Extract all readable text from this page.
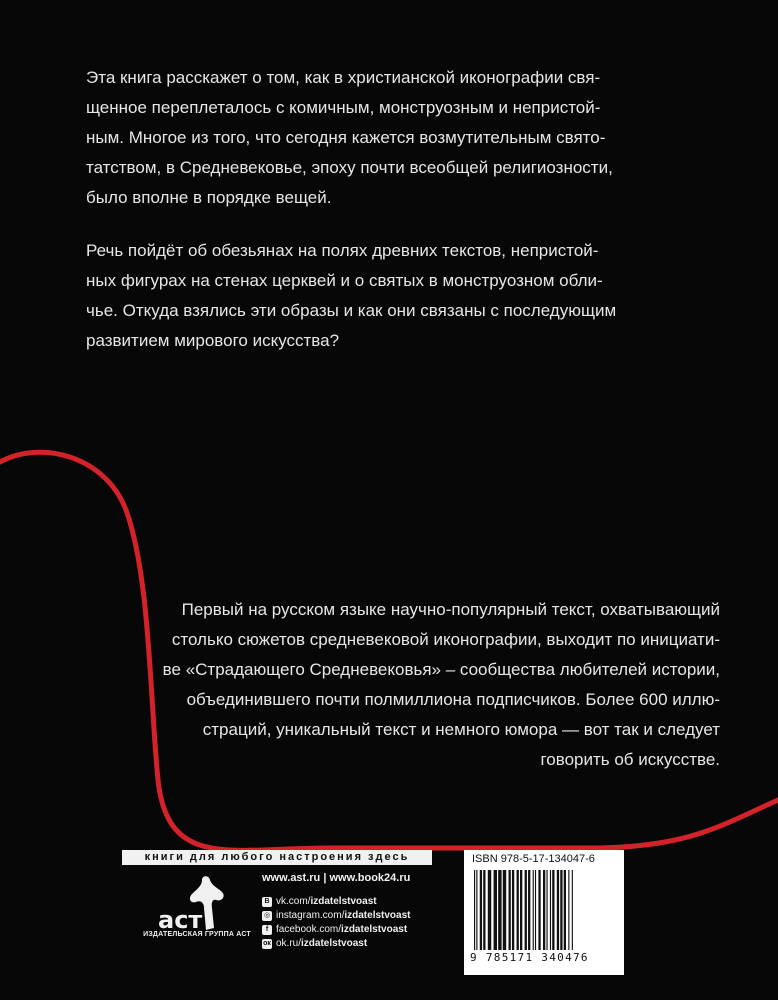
Эта книга расскажет о том, как в христианской иконографии свя-
щенное переплеталось с комичным, монструозным и непристой-
ным. Многое из того, что сегодня кажется возмутительным свято-
татством, в Средневековье, эпоху почти всеобщей религиозности,
было вполне в порядке вещей.
Речь пойдёт об обезьянах на полях древних текстов, непристой-
ных фигурах на стенах церквей и о святых в монструозном обли-
чье. Откуда взялись эти образы и как они связаны с последующим
развитием мирового искусства?
Первый на русском языке научно-популярный текст, охватывающий
столько сюжетов средневековой иконографии, выходит по инициати-
ве «Страдающего Средневековья» – сообщества любителей истории,
объединившего почти полмиллиона подписчиков. Более 600 иллю-
страций, уникальный текст и немного юмора — вот так и следует
говорить об искусстве.
книги для любого настроения здесь
аст
ИЗДАТЕЛЬСКАЯ ГРУППА АСТ
www.ast.ru | www.book24.ru
В vk.com/ izdatelstvoast
◎ instagram.com/ izdatelstvoast
f facebook.com/ izdatelstvoast
ок ok.ru/ izdatelstvoast
ISBN 978-5-17-134047-6
9 785171 340476
